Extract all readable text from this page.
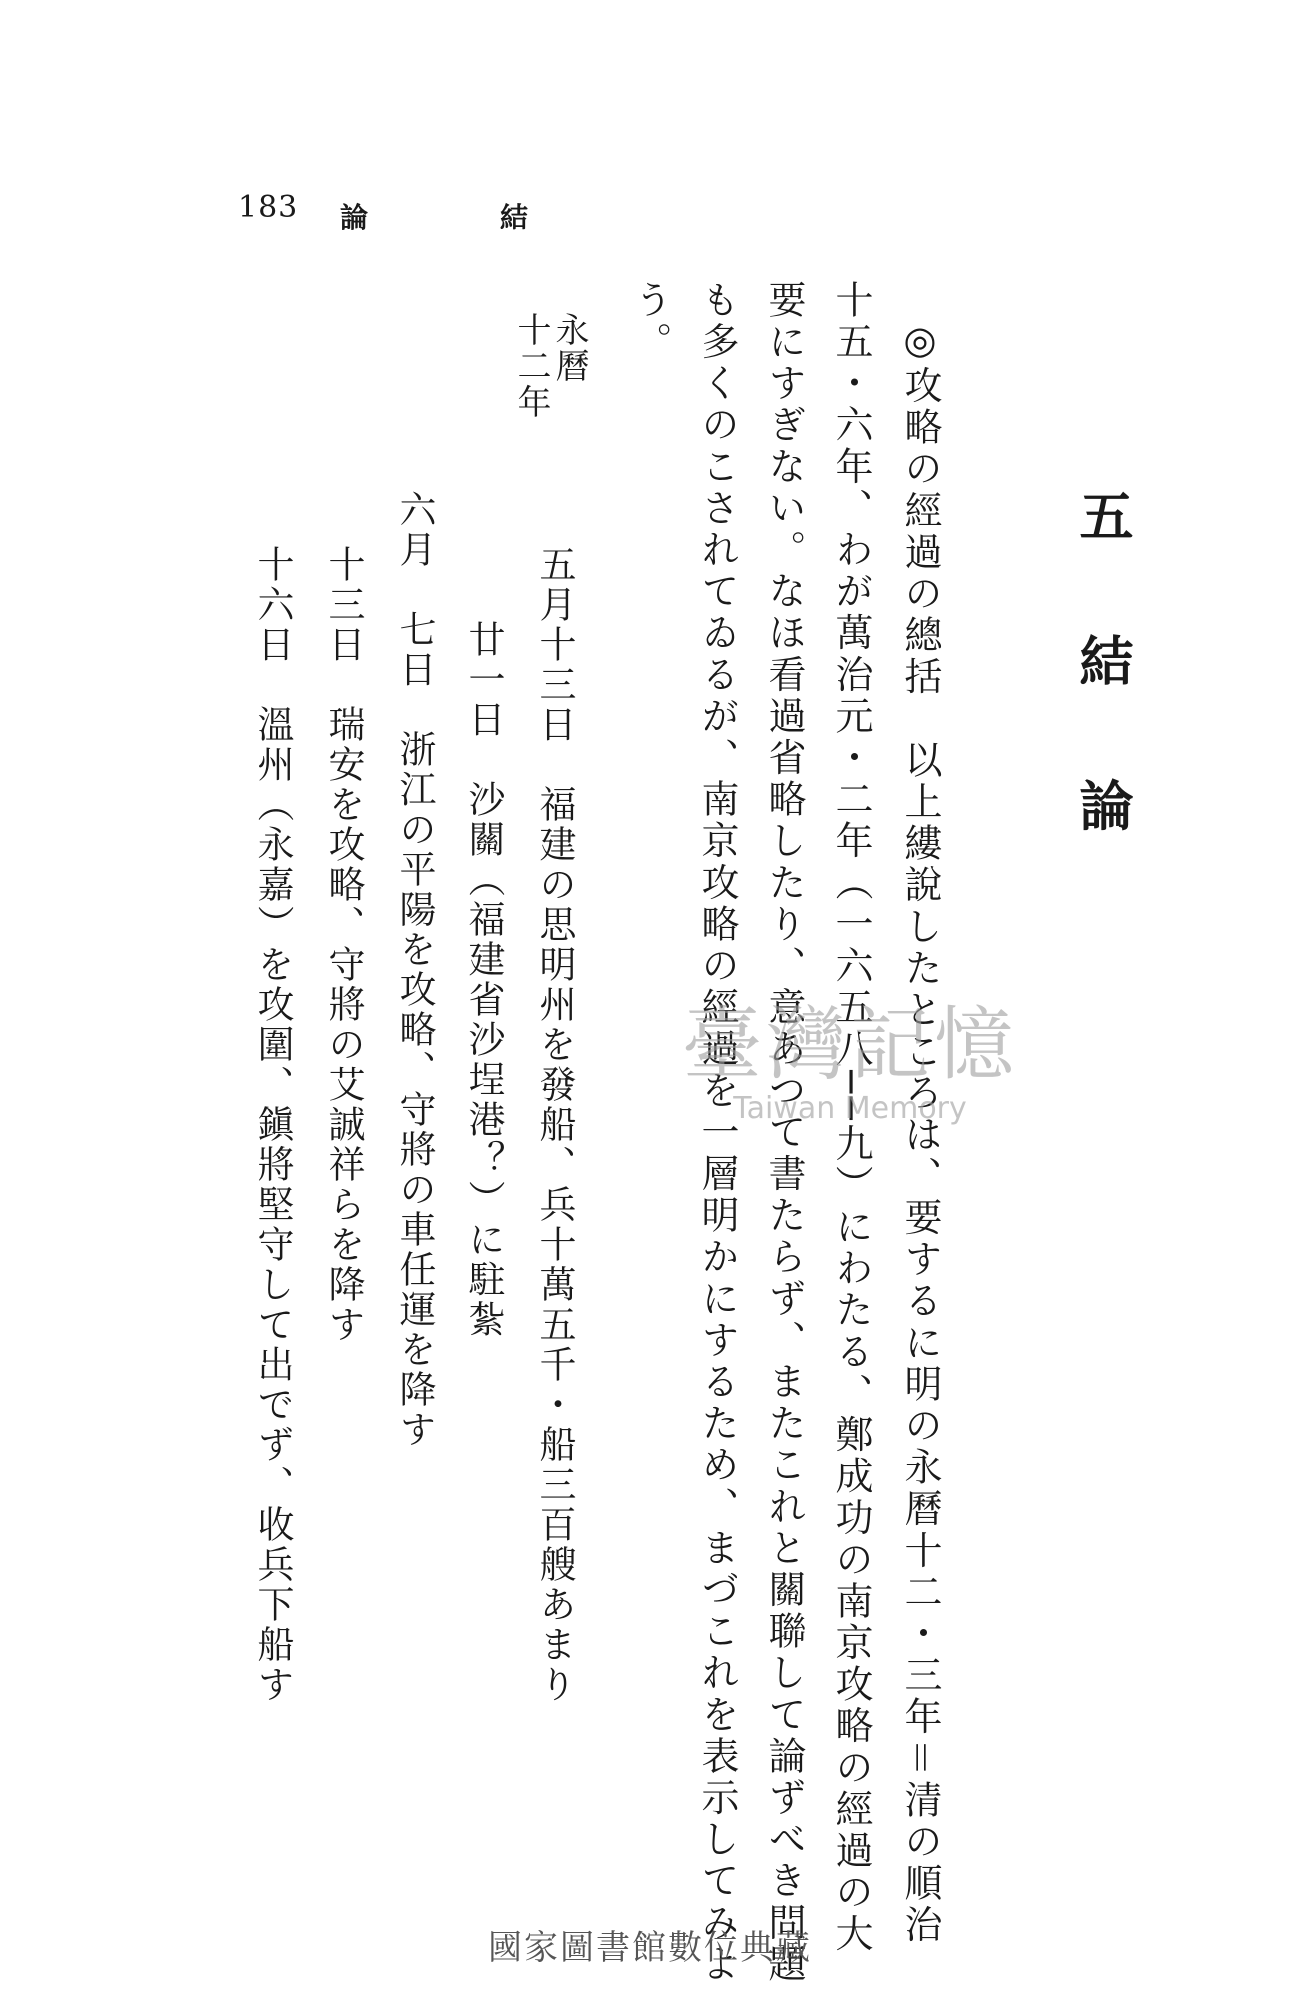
183 論	結
五 結 論
◎攻略の經過の總括　以上縷說したところは、要するに明の永曆十二・三年＝清の順治
十五・六年、わが萬治元・二年（一六五八──九）にわたる、鄭成功の南京攻略の經過の大
要にすぎない。なほ看過省略したり、意あつて書たらず、またこれと關聯して論ずべき問題
も多くのこされてゐるが、南京攻略の經過を一層明かにするため、まづこれを表示してみよ
う。
永曆
十二年
五月十三日　福建の思明州を發船、兵十萬五千・船三百艘あまり
廿一日　沙關（福建省沙埕港？）に駐紮
六月　七日　浙江の平陽を攻略、守將の車任運を降す
十三日　瑞安を攻略、守將の艾誠祥らを降す
十六日　溫州（永嘉）を攻圍、鎭將堅守して出でず、收兵下船す	臺灣記憶
Taiwan Memory
國家圖書館數位典藏
